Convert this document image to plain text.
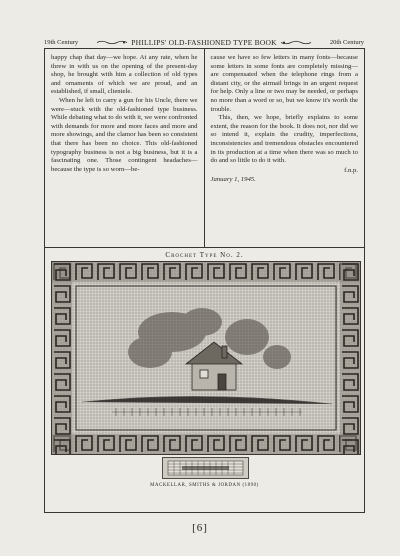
19th Century	PHILLIPS' OLD-FASHIONED TYPE BOOK	20th Century

happy chap that day—we hope. At any rate, when he threw in with us on the opening of the present-day shop, he brought with him a collection of old types and ornaments of which we are proud, and an established, if small, clientele.

When he left to carry a gun for his Uncle, there we were—stuck with the old-fashioned type business. While debating what to do with it, we were confronted with demands for more and more faces and more and more showings, and the clamor has been so consistent that there has been no choice. This old-fashioned typography business is not a big business, but it is a fascinating one. Those contingent headaches—because the type is so worn—be-

cause we have so few letters in many fonts—because some letters in some fonts are completely missing—are compensated when the telephone rings from a distant city, or the airmail brings in an urgent request for help. Only a line or two may be needed, or perhaps no more than a word or so, but we know it's worth the trouble.

This, then, we hope, briefly explains to some extent, the reason for the book. It does not, nor did we so intend it, explain the crudity, imperfections, inconsistencies and tremendous obstacles encountered in its production at a time when there was so much to do and so little to do it with.

f.n.p.

January 1, 1945.

Crochet Type No. 2.
MACKELLAR, SMITHS & JORDAN (1890)
[6]
